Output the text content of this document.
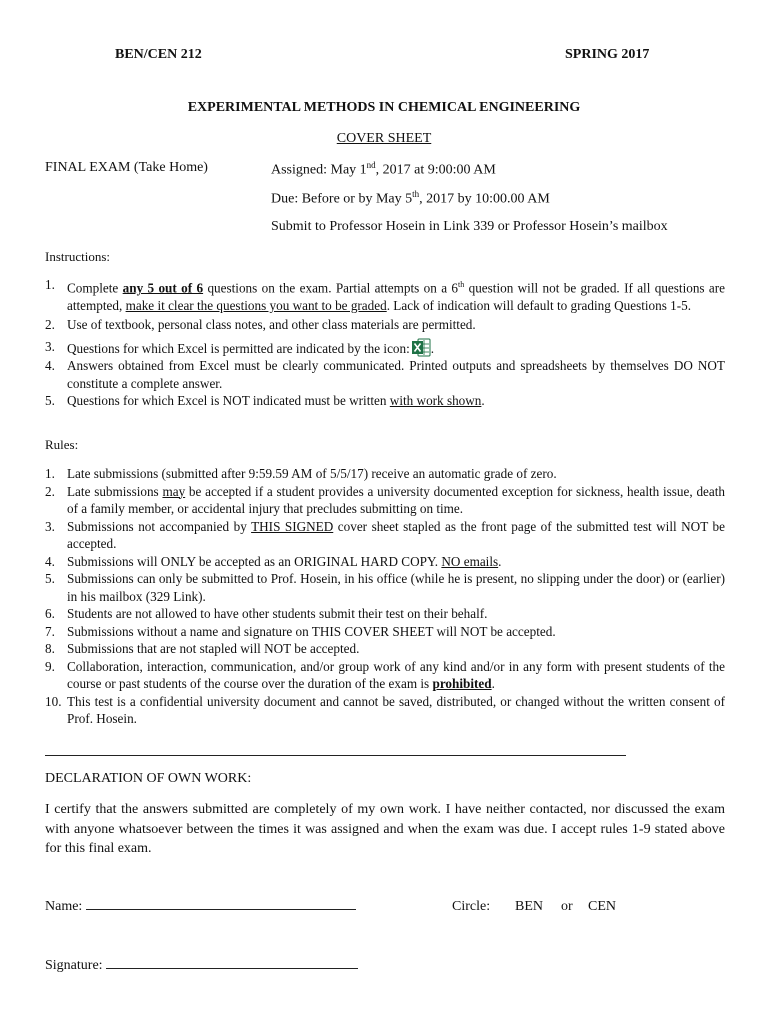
BEN/CEN 212	SPRING 2017
EXPERIMENTAL METHODS IN CHEMICAL ENGINEERING
COVER SHEET
FINAL EXAM (Take Home)	Assigned: May 1nd, 2017 at 9:00:00 AM
Due: Before or by May 5th, 2017 by 10:00.00 AM
Submit to Professor Hosein in Link 339 or Professor Hosein’s mailbox
Instructions:
1. Complete any 5 out of 6 questions on the exam. Partial attempts on a 6th question will not be graded. If all questions are attempted, make it clear the questions you want to be graded. Lack of indication will default to grading Questions 1-5.
2. Use of textbook, personal class notes, and other class materials are permitted.
3. Questions for which Excel is permitted are indicated by the icon: .
4. Answers obtained from Excel must be clearly communicated. Printed outputs and spreadsheets by themselves DO NOT constitute a complete answer.
5. Questions for which Excel is NOT indicated must be written with work shown.
Rules:
1. Late submissions (submitted after 9:59.59 AM of 5/5/17) receive an automatic grade of zero.
2. Late submissions may be accepted if a student provides a university documented exception for sickness, health issue, death of a family member, or accidental injury that precludes submitting on time.
3. Submissions not accompanied by THIS SIGNED cover sheet stapled as the front page of the submitted test will NOT be accepted.
4. Submissions will ONLY be accepted as an ORIGINAL HARD COPY. NO emails.
5. Submissions can only be submitted to Prof. Hosein, in his office (while he is present, no slipping under the door) or (earlier) in his mailbox (329 Link).
6. Students are not allowed to have other students submit their test on their behalf.
7. Submissions without a name and signature on THIS COVER SHEET will NOT be accepted.
8. Submissions that are not stapled will NOT be accepted.
9. Collaboration, interaction, communication, and/or group work of any kind and/or in any form with present students of the course or past students of the course over the duration of the exam is prohibited.
10. This test is a confidential university document and cannot be saved, distributed, or changed without the written consent of Prof. Hosein.
DECLARATION OF OWN WORK:
I certify that the answers submitted are completely of my own work. I have neither contacted, nor discussed the exam with anyone whatsoever between the times it was assigned and when the exam was due. I accept rules 1-9 stated above for this final exam.
Name:	Circle: BEN or CEN
Signature:
